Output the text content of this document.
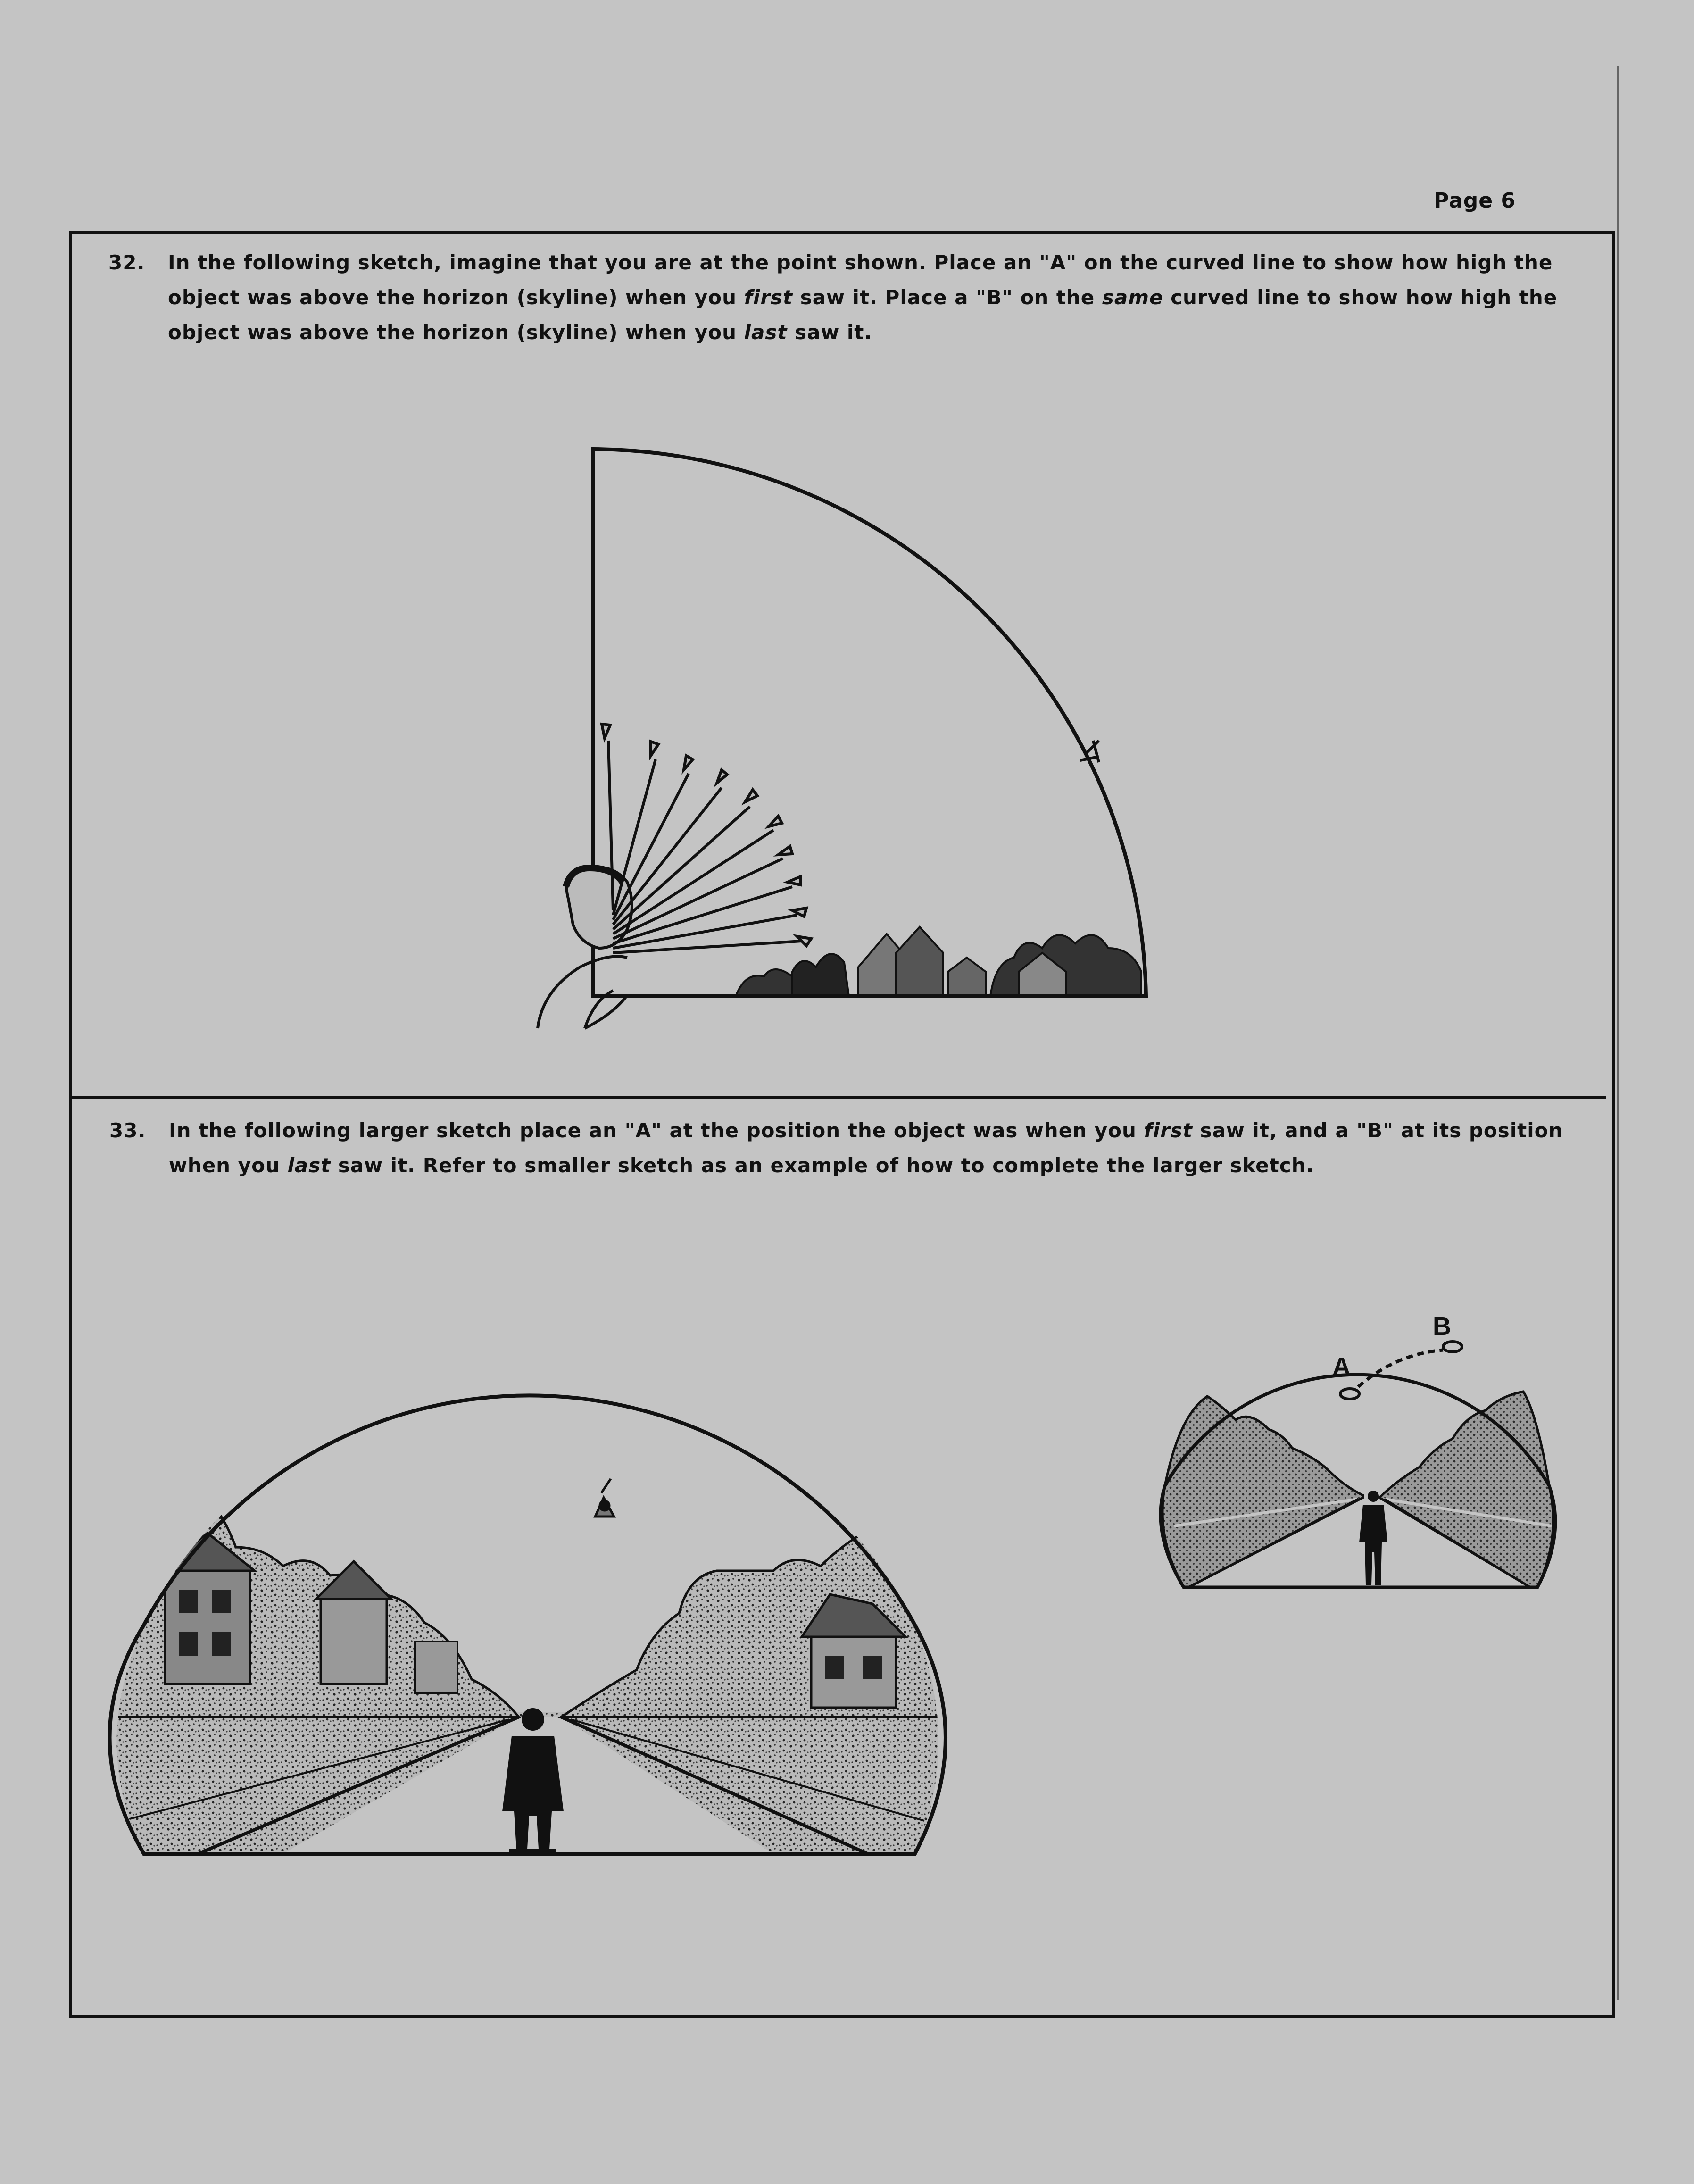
Page 6
32. In the following sketch, imagine that you are at the point shown. Place an "A" on the curved line to show how high the object was above the horizon (skyline) when you first saw it. Place a "B" on the same curved line to show how high the object was above the horizon (skyline) when you last saw it.
33. In the following larger sketch place an "A" at the position the object was when you first saw it, and a "B" at its position when you last saw it. Refer to smaller sketch as an example of how to complete the larger sketch.
A
B
